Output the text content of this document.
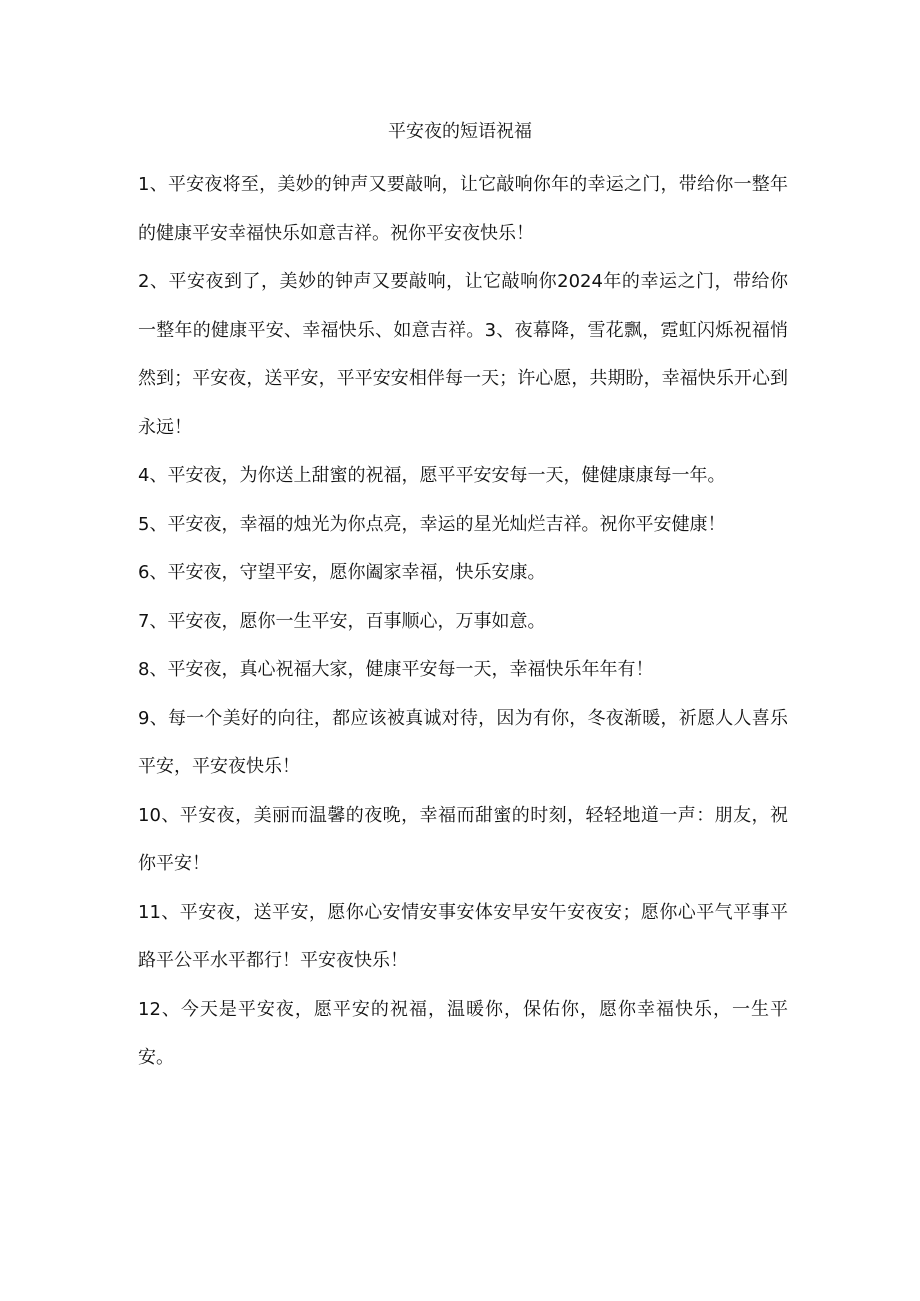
平安夜的短语祝福

1、平安夜将至，美妙的钟声又要敲响，让它敲响你年的幸运之门，带给你一整年的健康平安幸福快乐如意吉祥。祝你平安夜快乐！

2、平安夜到了，美妙的钟声又要敲响，让它敲响你2024年的幸运之门，带给你一整年的健康平安、幸福快乐、如意吉祥。3、夜幕降，雪花飘，霓虹闪烁祝福悄然到；平安夜，送平安，平平安安相伴每一天；许心愿，共期盼，幸福快乐开心到永远！

4、平安夜，为你送上甜蜜的祝福，愿平平安安每一天，健健康康每一年。

5、平安夜，幸福的烛光为你点亮，幸运的星光灿烂吉祥。祝你平安健康！

6、平安夜，守望平安，愿你阖家幸福，快乐安康。

7、平安夜，愿你一生平安，百事顺心，万事如意。

8、平安夜，真心祝福大家，健康平安每一天，幸福快乐年年有！

9、每一个美好的向往，都应该被真诚对待，因为有你，冬夜渐暖，祈愿人人喜乐平安，平安夜快乐！

10、平安夜，美丽而温馨的夜晚，幸福而甜蜜的时刻，轻轻地道一声：朋友，祝你平安！

11、平安夜，送平安，愿你心安情安事安体安早安午安夜安；愿你心平气平事平路平公平水平都行！平安夜快乐！

12、今天是平安夜，愿平安的祝福，温暖你，保佑你，愿你幸福快乐，一生平安。
